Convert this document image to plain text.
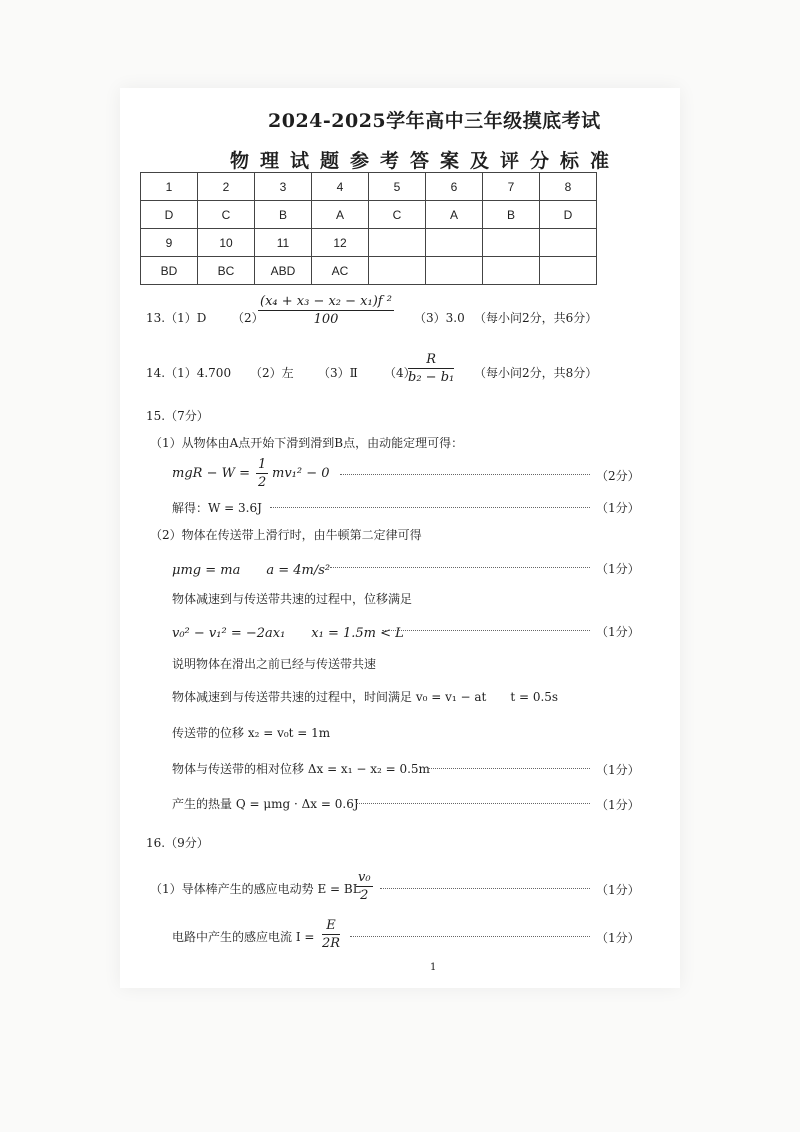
2024-2025学年高中三年级摸底考试
物理试题参考答案及评分标准
1	2	3	4	5	6	7	8
D	C	B	A	C	A	B	D
9	10	11	12				
BD	BC	ABD	AC				
13.（1）D （2）
$\frac{\text{(x₄ + x₃ − x₂ − x₁)f ²}}{100} (3)3.0$ （每小问2分，共6分）
14.（1）4.700 （2）左 （3）Ⅱ （4）
$\frac{R}{\text{b₂ − b₁}}$ （每小问2分，共8分）
15.（7分）
（1）从物体由A点开始下滑到滑到B点，由动能定理可得：
mgR − $W = \frac{1}{2} mv_1^2 - 0$	（2分）
解得：W = 3.6J	（1分）
（2）物体在传送带上滑行时，由牛顿第二定律可得
μmg = ma　　a = 4m/s²	（1分）
物体减速到与传送带共速的过程中，位移满足
v₀² − v₁² = −2ax₁　　x₁ = 1.5m < L	（1分）
说明物体在滑出之前已经与传送带共速
物体减速到与传送带共速的过程中，时间满足 v₀ = v₁ − at　　t = 0.5s
传送带的位移 x₂ = v₀t = 1m
物体与传送带的相对位移 Δx = x₁ − x₂ = 0.5m	（1分）
产生的热量 Q = μmg · Δx = 0.6J	（1分）
16.（9分）
（1）导体棒产生的感应电动势 E = BL
$\frac{\text{v₀}}{2}$	（1分）
电路中产生的感应电流 $I = \frac{E}{2R}$	（1分）
1
